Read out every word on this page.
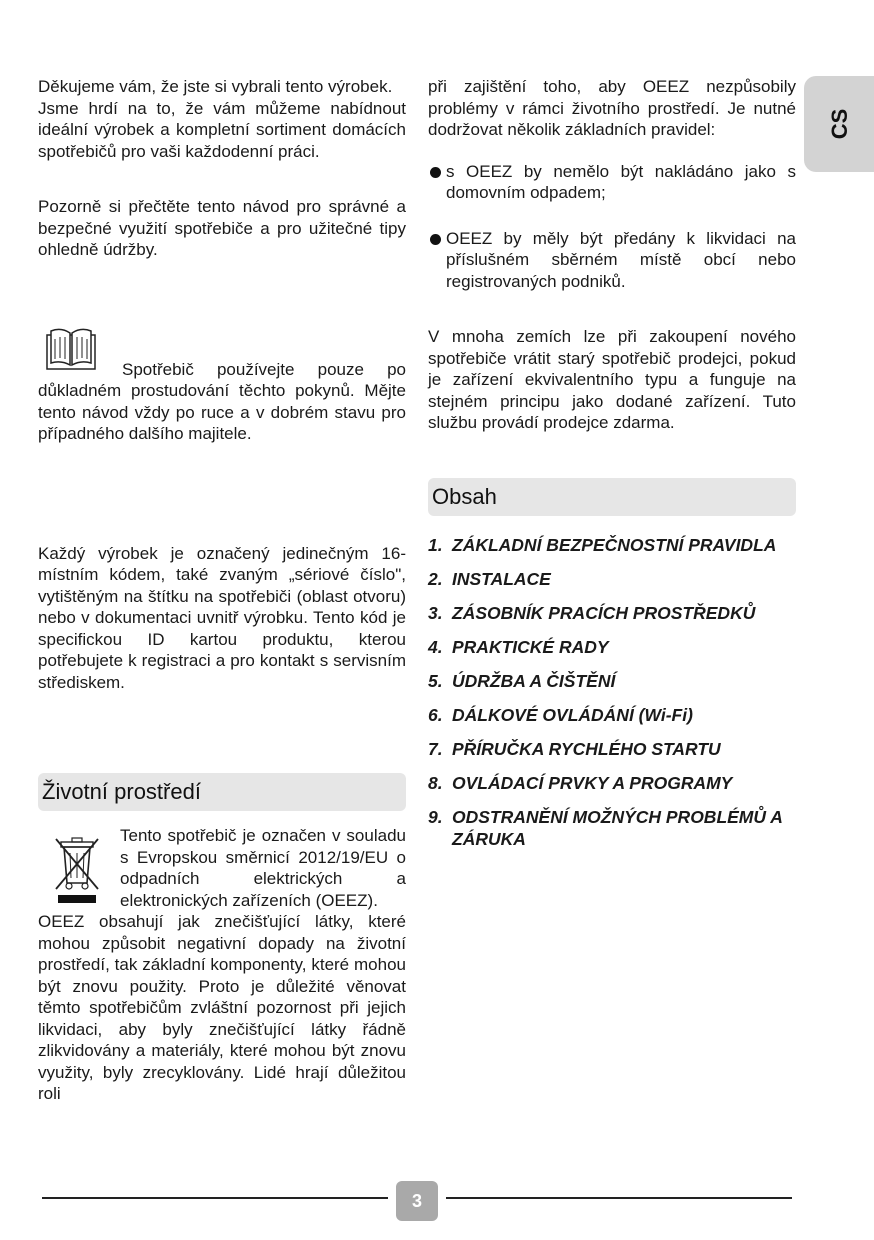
CS

Děkujeme vám, že jste si vybrali tento výrobek.
Jsme hrdí na to, že vám můžeme nabídnout ideální výrobek a kompletní sortiment domácích spotřebičů pro vaši každodenní práci.

Pozorně si přečtěte tento návod pro správné a bezpečné využití spotřebiče a pro užitečné tipy ohledně údržby.

Spotřebič používejte pouze po důkladném prostudování těchto pokynů. Mějte tento návod vždy po ruce a v dobrém stavu pro případného dalšího majitele.

Každý výrobek je označený jedinečným 16-místním kódem, také zvaným „sériové číslo", vytištěným na štítku na spotřebiči (oblast otvoru) nebo v dokumentaci uvnitř výrobku. Tento kód je specifickou ID kartou produktu, kterou potřebujete k registraci a pro kontakt s servisním střediskem.

Životní prostředí

Tento spotřebič je označen v souladu s Evropskou směrnicí 2012/19/EU o odpadních elektrických a elektronických zařízeních (OEEZ).

OEEZ obsahují jak znečišťující látky, které mohou způsobit negativní dopady na životní prostředí, tak základní komponenty, které mohou být znovu použity. Proto je důležité věnovat těmto spotřebičům zvláštní pozornost při jejich likvidaci, aby byly znečišťující látky řádně zlikvidovány a materiály, které mohou být znovu využity, byly zrecyklovány. Lidé hrají důležitou roli

při zajištění toho, aby OEEZ nezpůsobily problémy v rámci životního prostředí. Je nutné dodržovat několik základních pravidel:

s OEEZ by nemělo být nakládáno jako s domovním odpadem;

OEEZ by měly být předány k likvidaci na příslušném sběrném místě obcí nebo registrovaných podniků.

V mnoha zemích lze při zakoupení nového spotřebiče vrátit starý spotřebič prodejci, pokud je zařízení ekvivalentního typu a funguje na stejném principu jako dodané zařízení. Tuto službu provádí prodejce zdarma.

Obsah
1. ZÁKLADNÍ BEZPEČNOSTNÍ PRAVIDLA
2. INSTALACE
3. ZÁSOBNÍK PRACÍCH PROSTŘEDKŮ
4. PRAKTICKÉ RADY
5. ÚDRŽBA A ČIŠTĚNÍ
6. DÁLKOVÉ OVLÁDÁNÍ (Wi-Fi)
7. PŘÍRUČKA RYCHLÉHO STARTU
8. OVLÁDACÍ PRVKY A PROGRAMY
9. ODSTRANĚNÍ MOŽNÝCH PROBLÉMŮ A ZÁRUKA
3
